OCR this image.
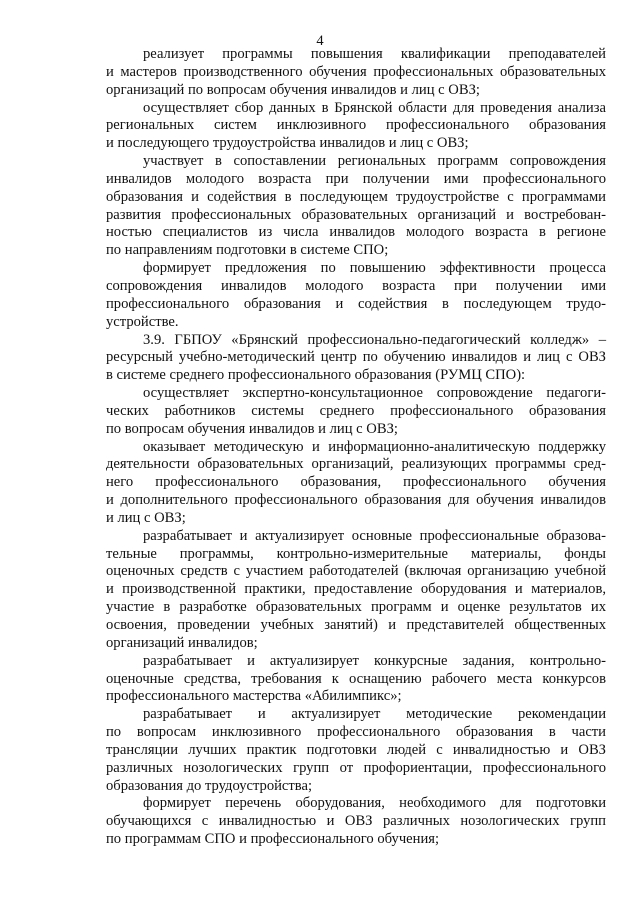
4

реализует программы повышения квалификации преподавателей
и мастеров производственного обучения профессиональных образовательных
организаций по вопросам обучения инвалидов и лиц с ОВЗ;

осуществляет сбор данных в Брянской области для проведения анализа
региональных систем инклюзивного профессионального образования
и последующего трудоустройства инвалидов и лиц с ОВЗ;

участвует в сопоставлении региональных программ сопровождения
инвалидов молодого возраста при получении ими профессионального
образования и содействия в последующем трудоустройстве с программами
развития профессиональных образовательных организаций и востребован-
ностью специалистов из числа инвалидов молодого возраста в регионе
по направлениям подготовки в системе СПО;

формирует предложения по повышению эффективности процесса
сопровождения инвалидов молодого возраста при получении ими
профессионального образования и содействия в последующем трудо-
устройстве.

3.9. ГБПОУ «Брянский профессионально-педагогический колледж» –
ресурсный учебно-методический центр по обучению инвалидов и лиц с ОВЗ
в системе среднего профессионального образования (РУМЦ СПО):

осуществляет экспертно-консультационное сопровождение педагоги-
ческих работников системы среднего профессионального образования
по вопросам обучения инвалидов и лиц с ОВЗ;

оказывает методическую и информационно-аналитическую поддержку
деятельности образовательных организаций, реализующих программы сред-
него профессионального образования, профессионального обучения
и дополнительного профессионального образования для обучения инвалидов
и лиц с ОВЗ;

разрабатывает и актуализирует основные профессиональные образова-
тельные программы, контрольно-измерительные материалы, фонды
оценочных средств с участием работодателей (включая организацию учебной
и производственной практики, предоставление оборудования и материалов,
участие в разработке образовательных программ и оценке результатов их
освоения, проведении учебных занятий) и представителей общественных
организаций инвалидов;

разрабатывает и актуализирует конкурсные задания, контрольно-
оценочные средства, требования к оснащению рабочего места конкурсов
профессионального мастерства «Абилимпикс»;

разрабатывает и актуализирует методические рекомендации
по вопросам инклюзивного профессионального образования в части
трансляции лучших практик подготовки людей с инвалидностью и ОВЗ
различных нозологических групп от профориентации, профессионального
образования до трудоустройства;

формирует перечень оборудования, необходимого для подготовки
обучающихся с инвалидностью и ОВЗ различных нозологических групп
по программам СПО и профессионального обучения;
